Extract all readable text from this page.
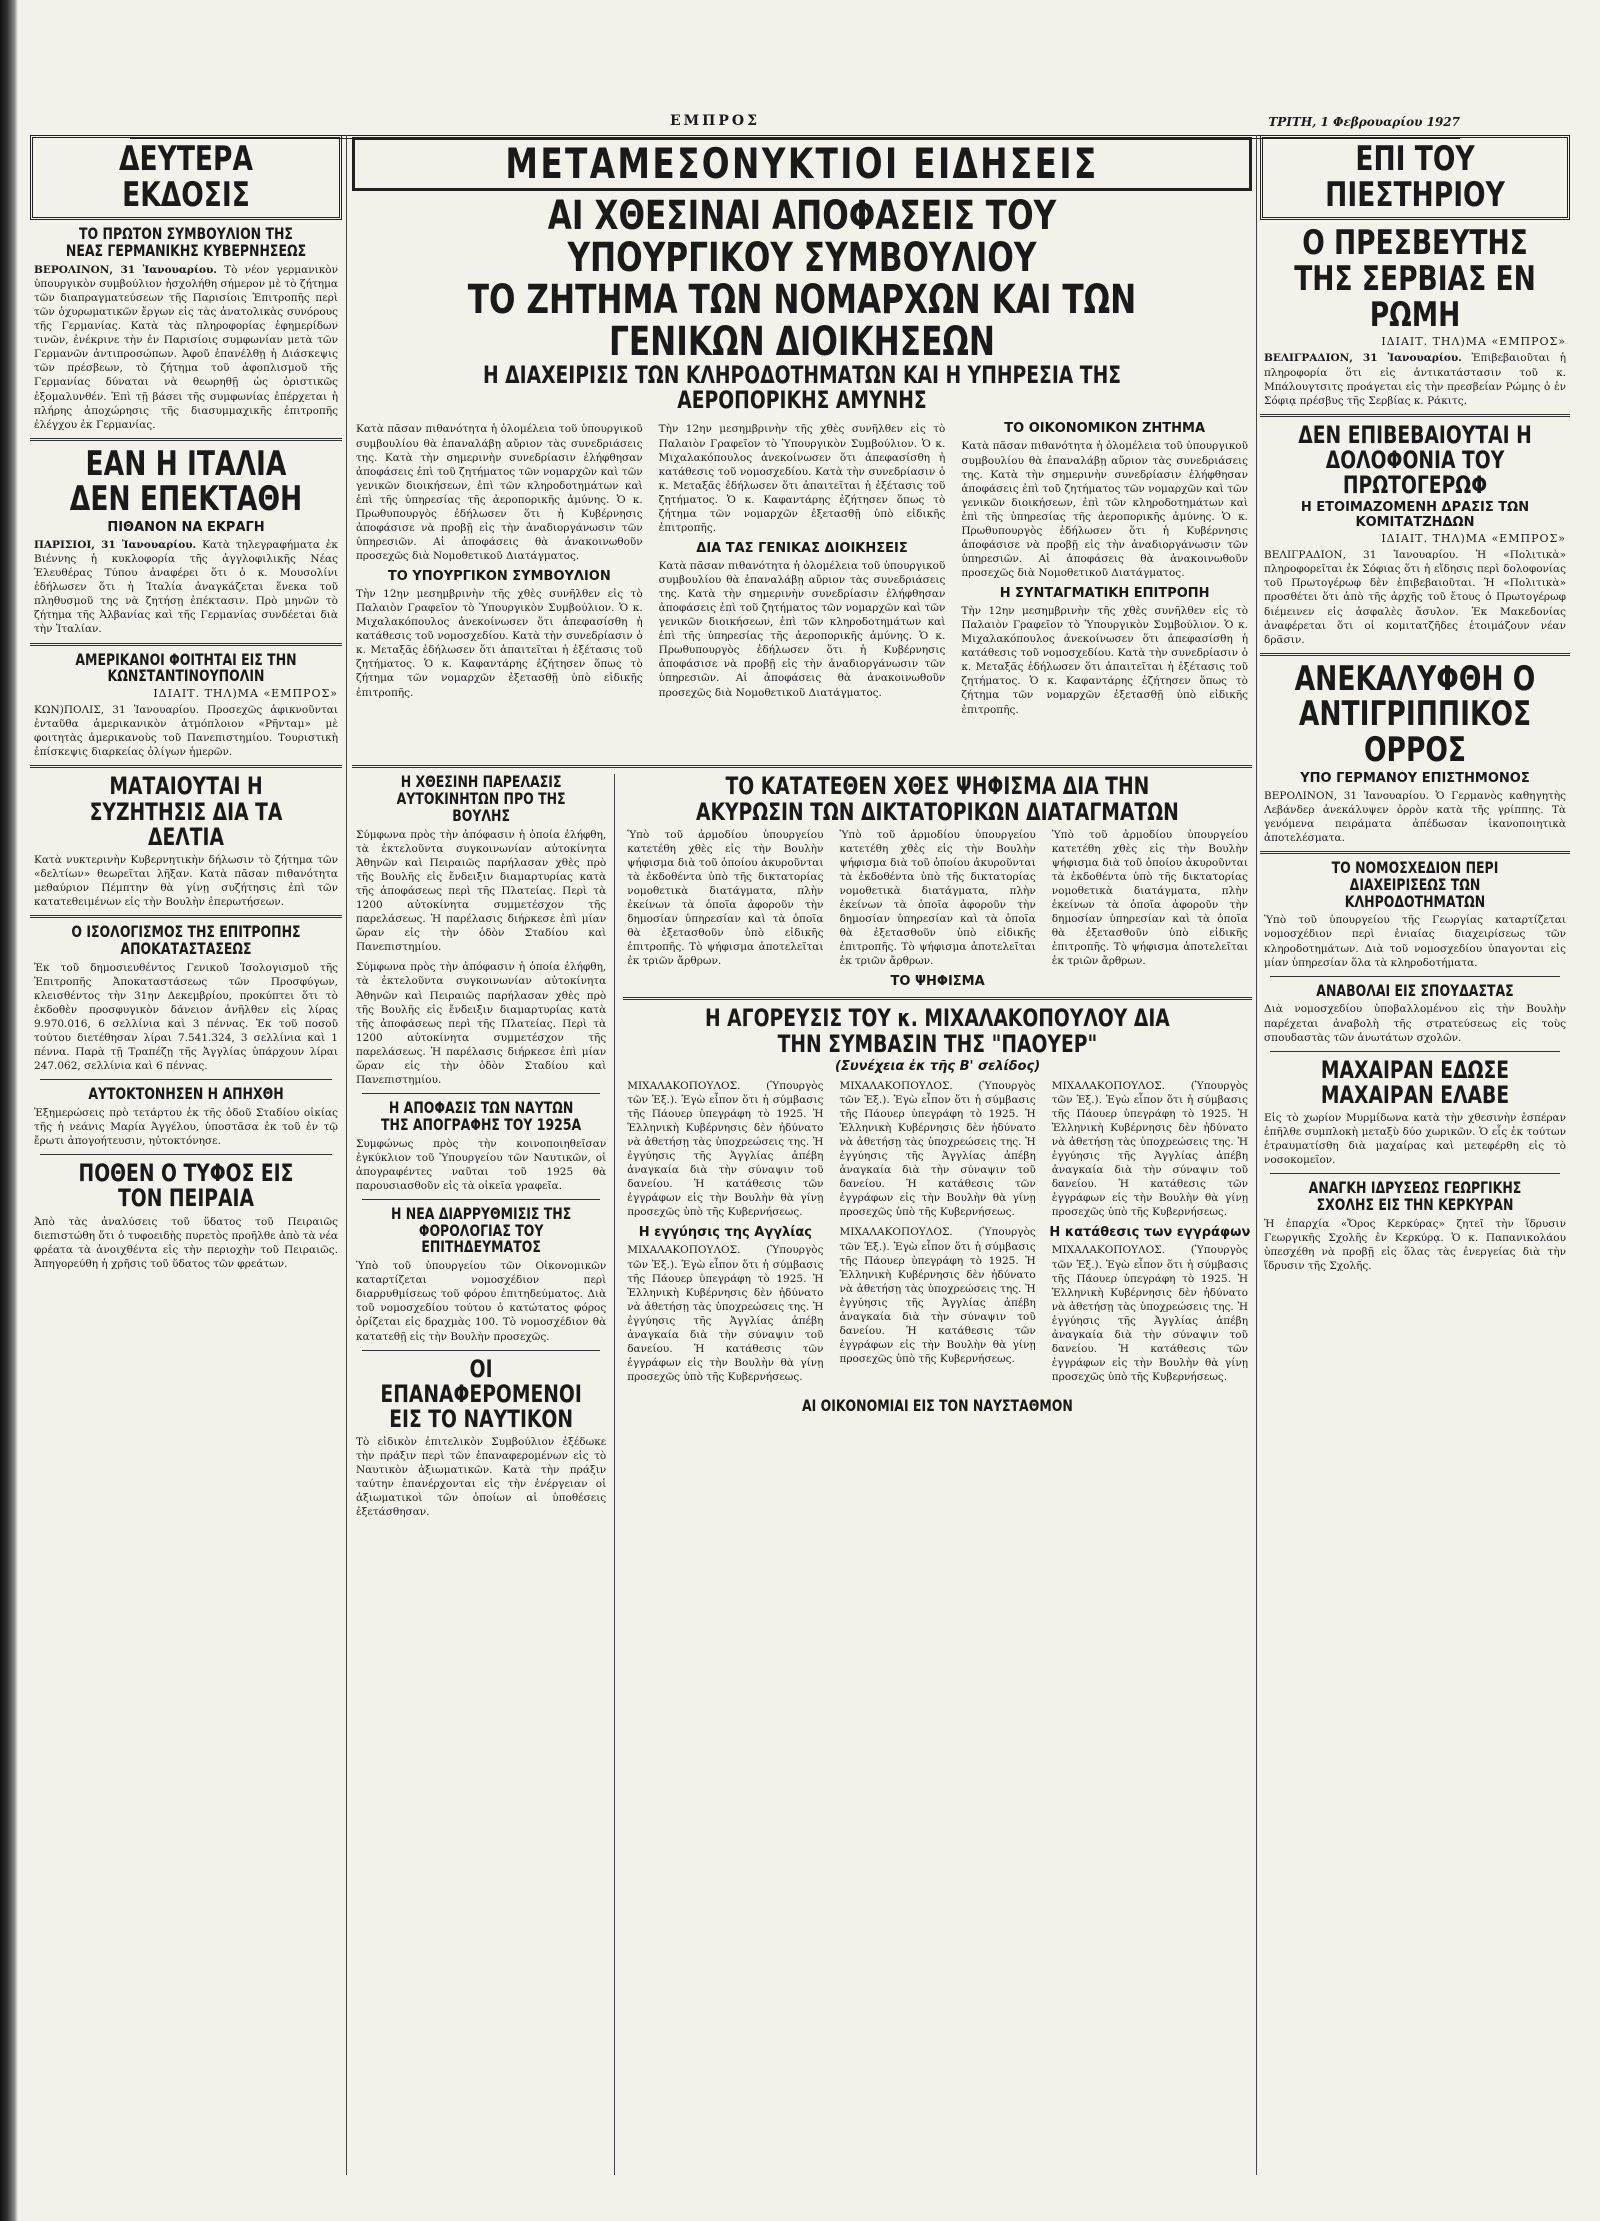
ΕΜΠΡΟΣ	ΤΡΙΤΗ, 1 Φεβρουαρίου 1927

ΔΕΥΤΕΡΑ ΕΚΔΟΣΙΣ

ΤΟ ΠΡΩΤΟΝ ΣΥΜΒΟΥΛΙΟΝ ΤΗΣ ΝΕΑΣ ΓΕΡΜΑΝΙΚΗΣ ΚΥΒΕΡΝΗΣΕΩΣ

ΒΕΡΟΛΙΝΟΝ, 31 Ἰανουαρίου. Τὸ νέον γερμανικὸν ὑπουργικὸν συμβούλιον ἠσχολήθη σήμερον μὲ τὸ ζήτημα τῶν διαπραγματεύσεων τῆς Παρισίοις Ἐπιτροπῆς περὶ τῶν ὀχυρωματικῶν ἔργων εἰς τὰς ἀνατολικὰς συνόρους τῆς Γερμανίας. Κατὰ τὰς πληροφορίας ἐφημερίδων τινῶν, ἐνέκρινε τὴν ἐν Παρισίοις συμφωνίαν μετὰ τῶν Γερμανῶν ἀντιπροσώπων. Ἀφοῦ ἐπανέλθῃ ἡ Διάσκεψις τῶν πρέσβεων, τὸ ζήτημα τοῦ ἀφοπλισμοῦ τῆς Γερμανίας δύναται νὰ θεωρηθῇ ὡς ὁριστικῶς ἐξομαλυνθέν. Ἐπὶ τῇ βάσει τῆς συμφωνίας ἐπέρχεται ἡ πλήρης ἀποχώρησις τῆς διασυμμαχικῆς ἐπιτροπῆς ἐλέγχου ἐκ Γερμανίας.

ΕΑΝ Η ΙΤΑΛΙΑ ΔΕΝ ΕΠΕΚΤΑΘΗ

ΠΙΘΑΝΟΝ ΝΑ ΕΚΡΑΓΗ

ΠΑΡΙΣΙΟΙ, 31 Ἰανουαρίου. Κατὰ τηλεγραφήματα ἐκ Βιέννης ἡ κυκλοφορία τῆς ἀγγλοφιλικῆς Νέας Ἐλευθέρας Τύπου ἀναφέρει ὅτι ὁ κ. Μουσολίνι ἐδήλωσεν ὅτι ἡ Ἰταλία ἀναγκάζεται ἕνεκα τοῦ πληθυσμοῦ της νὰ ζητήσῃ ἐπέκτασιν. Πρὸ μηνῶν τὸ ζήτημα τῆς Ἀλβανίας καὶ τῆς Γερμανίας συνδέεται διὰ τὴν Ἰταλίαν.

ΑΜΕΡΙΚΑΝΟΙ ΦΟΙΤΗΤΑΙ ΕΙΣ ΤΗΝ ΚΩΝΣΤΑΝΤΙΝΟΥΠΟΛΙΝ

ΙΔΙΑΙΤ. ΤΗΛ)ΜΑ «ΕΜΠΡΟΣ»

ΚΩΝ)ΠΟΛΙΣ, 31 Ἰανουαρίου. Προσεχῶς ἀφικνοῦνται ἐνταῦθα ἀμερικανικὸν ἀτμόπλοιον «Ρῆνταμ» μὲ φοιτητὰς ἀμερικανοὺς τοῦ Πανεπιστημίου. Τουριστικὴ ἐπίσκεψις διαρκείας ὀλίγων ἡμερῶν.

ΜΑΤΑΙΟΥΤΑΙ Η ΣΥΖΗΤΗΣΙΣ ΔΙΑ ΤΑ ΔΕΛΤΙΑ

Κατὰ νυκτερινὴν Κυβερνητικὴν δήλωσιν τὸ ζήτημα τῶν «δελτίων» θεωρεῖται λῆξαν. Κατὰ πᾶσαν πιθανότητα μεθαύριον Πέμπτην θὰ γίνῃ συζήτησις ἐπὶ τῶν κατατεθειμένων εἰς τὴν Βουλὴν ἐπερωτήσεων.

Ο ΙΣΟΛΟΓΙΣΜΟΣ ΤΗΣ ΕΠΙΤΡΟΠΗΣ ΑΠΟΚΑΤΑΣΤΑΣΕΩΣ

Ἐκ τοῦ δημοσιευθέντος Γενικοῦ Ἰσολογισμοῦ τῆς Ἐπιτροπῆς Ἀποκαταστάσεως τῶν Προσφύγων, κλεισθέντος τὴν 31ην Δεκεμβρίου, προκύπτει ὅτι τὸ ἐκδοθὲν προσφυγικὸν δάνειον ἀνῆλθεν εἰς λίρας 9.970.016, 6 σελλίνια καὶ 3 πέννας. Ἐκ τοῦ ποσοῦ τούτου διετέθησαν λίραι 7.541.324, 3 σελλίνια καὶ 1 πέννα. Παρὰ τῇ Τραπέζῃ τῆς Ἀγγλίας ὑπάρχουν λίραι 247.062, σελλίνια καὶ 6 πέννας.

ΑΥΤΟΚΤΟΝΗΣΕΝ Η ΑΠΗΧΘΗ

Ἐξημερώσεις πρὸ τετάρτου ἐκ τῆς ὁδοῦ Σταδίου οἰκίας τῆς ἡ νεάνις Μαρία Ἀγγέλου, ὑποστᾶσα ἐκ τοῦ ἐν τῷ ἔρωτι ἀπογοήτευσιν, ηὐτοκτόνησε.

ΠΟΘΕΝ Ο ΤΥΦΟΣ ΕΙΣ ΤΟΝ ΠΕΙΡΑΙΑ

Ἀπὸ τὰς ἀναλύσεις τοῦ ὕδατος τοῦ Πειραιῶς διεπιστώθη ὅτι ὁ τυφοειδὴς πυρετὸς προῆλθε ἀπὸ τὰ νέα φρέατα τὰ ἀνοιχθέντα εἰς τὴν περιοχὴν τοῦ Πειραιῶς. Ἀπηγορεύθη ἡ χρῆσις τοῦ ὕδατος τῶν φρεάτων.

ΜΕΤΑΜΕΣΟΝΥΚΤΙΟΙ ΕΙΔΗΣΕΙΣ

ΑΙ ΧΘΕΣΙΝΑΙ ΑΠΟΦΑΣΕΙΣ ΤΟΥ ΥΠΟΥΡΓΙΚΟΥ ΣΥΜΒΟΥΛΙΟΥ

ΤΟ ΖΗΤΗΜΑ ΤΩΝ ΝΟΜΑΡΧΩΝ ΚΑΙ ΤΩΝ ΓΕΝΙΚΩΝ ΔΙΟΙΚΗΣΕΩΝ

Η ΔΙΑΧΕΙΡΙΣΙΣ ΤΩΝ ΚΛΗΡΟΔΟΤΗΜΑΤΩΝ ΚΑΙ Η ΥΠΗΡΕΣΙΑ ΤΗΣ ΑΕΡΟΠΟΡΙΚΗΣ ΑΜΥΝΗΣ

Κατὰ πᾶσαν πιθανότητα ἡ ὁλομέλεια τοῦ ὑπουργικοῦ συμβουλίου θὰ ἐπαναλάβῃ αὔριον τὰς συνεδριάσεις της. Κατὰ τὴν σημερινὴν συνεδρίασιν ἐλήφθησαν ἀποφάσεις ἐπὶ τοῦ ζητήματος τῶν νομαρχῶν καὶ τῶν γενικῶν διοικήσεων, ἐπὶ τῶν κληροδοτημάτων καὶ ἐπὶ τῆς ὑπηρεσίας τῆς ἀεροπορικῆς ἀμύνης. Ὁ κ. Πρωθυπουργὸς ἐδήλωσεν ὅτι ἡ Κυβέρνησις ἀποφάσισε νὰ προβῇ εἰς τὴν ἀναδιοργάνωσιν τῶν ὑπηρεσιῶν. Αἱ ἀποφάσεις θὰ ἀνακοινωθοῦν προσεχῶς διὰ Νομοθετικοῦ Διατάγματος.

ΤΟ ΥΠΟΥΡΓΙΚΟΝ ΣΥΜΒΟΥΛΙΟΝ

Τὴν 12ην μεσημβρινὴν τῆς χθὲς συνῆλθεν εἰς τὸ Παλαιὸν Γραφεῖον τὸ Ὑπουργικὸν Συμβούλιον. Ὁ κ. Μιχαλακόπουλος ἀνεκοίνωσεν ὅτι ἀπεφασίσθη ἡ κατάθεσις τοῦ νομοσχεδίου. Κατὰ τὴν συνεδρίασιν ὁ κ. Μεταξᾶς ἐδήλωσεν ὅτι ἀπαιτεῖται ἡ ἐξέτασις τοῦ ζητήματος. Ὁ κ. Καφαντάρης ἐζήτησεν ὅπως τὸ ζήτημα τῶν νομαρχῶν ἐξετασθῇ ὑπὸ εἰδικῆς ἐπιτροπῆς.

Τὴν 12ην μεσημβρινὴν τῆς χθὲς συνῆλθεν εἰς τὸ Παλαιὸν Γραφεῖον τὸ Ὑπουργικὸν Συμβούλιον. Ὁ κ. Μιχαλακόπουλος ἀνεκοίνωσεν ὅτι ἀπεφασίσθη ἡ κατάθεσις τοῦ νομοσχεδίου. Κατὰ τὴν συνεδρίασιν ὁ κ. Μεταξᾶς ἐδήλωσεν ὅτι ἀπαιτεῖται ἡ ἐξέτασις τοῦ ζητήματος. Ὁ κ. Καφαντάρης ἐζήτησεν ὅπως τὸ ζήτημα τῶν νομαρχῶν ἐξετασθῇ ὑπὸ εἰδικῆς ἐπιτροπῆς.

ΔΙΑ ΤΑΣ ΓΕΝΙΚΑΣ ΔΙΟΙΚΗΣΕΙΣ

Κατὰ πᾶσαν πιθανότητα ἡ ὁλομέλεια τοῦ ὑπουργικοῦ συμβουλίου θὰ ἐπαναλάβῃ αὔριον τὰς συνεδριάσεις της. Κατὰ τὴν σημερινὴν συνεδρίασιν ἐλήφθησαν ἀποφάσεις ἐπὶ τοῦ ζητήματος τῶν νομαρχῶν καὶ τῶν γενικῶν διοικήσεων, ἐπὶ τῶν κληροδοτημάτων καὶ ἐπὶ τῆς ὑπηρεσίας τῆς ἀεροπορικῆς ἀμύνης. Ὁ κ. Πρωθυπουργὸς ἐδήλωσεν ὅτι ἡ Κυβέρνησις ἀποφάσισε νὰ προβῇ εἰς τὴν ἀναδιοργάνωσιν τῶν ὑπηρεσιῶν. Αἱ ἀποφάσεις θὰ ἀνακοινωθοῦν προσεχῶς διὰ Νομοθετικοῦ Διατάγματος.

ΤΟ ΟΙΚΟΝΟΜΙΚΟΝ ΖΗΤΗΜΑ

Κατὰ πᾶσαν πιθανότητα ἡ ὁλομέλεια τοῦ ὑπουργικοῦ συμβουλίου θὰ ἐπαναλάβῃ αὔριον τὰς συνεδριάσεις της. Κατὰ τὴν σημερινὴν συνεδρίασιν ἐλήφθησαν ἀποφάσεις ἐπὶ τοῦ ζητήματος τῶν νομαρχῶν καὶ τῶν γενικῶν διοικήσεων, ἐπὶ τῶν κληροδοτημάτων καὶ ἐπὶ τῆς ὑπηρεσίας τῆς ἀεροπορικῆς ἀμύνης. Ὁ κ. Πρωθυπουργὸς ἐδήλωσεν ὅτι ἡ Κυβέρνησις ἀποφάσισε νὰ προβῇ εἰς τὴν ἀναδιοργάνωσιν τῶν ὑπηρεσιῶν. Αἱ ἀποφάσεις θὰ ἀνακοινωθοῦν προσεχῶς διὰ Νομοθετικοῦ Διατάγματος.

Η ΣΥΝΤΑΓΜΑΤΙΚΗ ΕΠΙΤΡΟΠΗ

Τὴν 12ην μεσημβρινὴν τῆς χθὲς συνῆλθεν εἰς τὸ Παλαιὸν Γραφεῖον τὸ Ὑπουργικὸν Συμβούλιον. Ὁ κ. Μιχαλακόπουλος ἀνεκοίνωσεν ὅτι ἀπεφασίσθη ἡ κατάθεσις τοῦ νομοσχεδίου. Κατὰ τὴν συνεδρίασιν ὁ κ. Μεταξᾶς ἐδήλωσεν ὅτι ἀπαιτεῖται ἡ ἐξέτασις τοῦ ζητήματος. Ὁ κ. Καφαντάρης ἐζήτησεν ὅπως τὸ ζήτημα τῶν νομαρχῶν ἐξετασθῇ ὑπὸ εἰδικῆς ἐπιτροπῆς.

Η ΧΘΕΣΙΝΗ ΠΑΡΕΛΑΣΙΣ ΑΥΤΟΚΙΝΗΤΩΝ ΠΡΟ ΤΗΣ ΒΟΥΛΗΣ

Σύμφωνα πρὸς τὴν ἀπόφασιν ἡ ὁποία ἐλήφθη, τὰ ἐκτελοῦντα συγκοινωνίαν αὐτοκίνητα Ἀθηνῶν καὶ Πειραιῶς παρήλασαν χθὲς πρὸ τῆς Βουλῆς εἰς ἔνδειξιν διαμαρτυρίας κατὰ τῆς ἀποφάσεως περὶ τῆς Πλατείας. Περὶ τὰ 1200 αὐτοκίνητα συμμετέσχον τῆς παρελάσεως. Ἡ παρέλασις διήρκεσε ἐπὶ μίαν ὥραν εἰς τὴν ὁδὸν Σταδίου καὶ Πανεπιστημίου.

Σύμφωνα πρὸς τὴν ἀπόφασιν ἡ ὁποία ἐλήφθη, τὰ ἐκτελοῦντα συγκοινωνίαν αὐτοκίνητα Ἀθηνῶν καὶ Πειραιῶς παρήλασαν χθὲς πρὸ τῆς Βουλῆς εἰς ἔνδειξιν διαμαρτυρίας κατὰ τῆς ἀποφάσεως περὶ τῆς Πλατείας. Περὶ τὰ 1200 αὐτοκίνητα συμμετέσχον τῆς παρελάσεως. Ἡ παρέλασις διήρκεσε ἐπὶ μίαν ὥραν εἰς τὴν ὁδὸν Σταδίου καὶ Πανεπιστημίου.

Η ΑΠΟΦΑΣΙΣ ΤΩΝ ΝΑΥΤΩΝ ΤΗΣ ΑΠΟΓΡΑΦΗΣ ΤΟΥ 1925Α

Συμφώνως πρὸς τὴν κοινοποιηθεῖσαν ἐγκύκλιον τοῦ Ὑπουργείου τῶν Ναυτικῶν, οἱ ἀπογραφέντες ναῦται τοῦ 1925 θὰ παρουσιασθοῦν εἰς τὰ οἰκεῖα γραφεῖα.

Η ΝΕΑ ΔΙΑΡΡΥΘΜΙΣΙΣ ΤΗΣ ΦΟΡΟΛΟΓΙΑΣ ΤΟΥ ΕΠΙΤΗΔΕΥΜΑΤΟΣ

Ὑπὸ τοῦ ὑπουργείου τῶν Οἰκονομικῶν καταρτίζεται νομοσχέδιον περὶ διαρρυθμίσεως τοῦ φόρου ἐπιτηδεύματος. Διὰ τοῦ νομοσχεδίου τούτου ὁ κατώτατος φόρος ὁρίζεται εἰς δραχμὰς 100. Τὸ νομοσχέδιον θὰ κατατεθῇ εἰς τὴν Βουλὴν προσεχῶς.

ΟΙ ΕΠΑΝΑΦΕΡΟΜΕΝΟΙ ΕΙΣ ΤΟ ΝΑΥΤΙΚΟΝ

Τὸ εἰδικὸν ἐπιτελικὸν Συμβούλιον ἐξέδωκε τὴν πράξιν περὶ τῶν ἐπαναφερομένων εἰς τὸ Ναυτικὸν ἀξιωματικῶν. Κατὰ τὴν πράξιν ταύτην ἐπανέρχονται εἰς τὴν ἐνέργειαν οἱ ἀξιωματικοὶ τῶν ὁποίων αἱ ὑποθέσεις ἐξετάσθησαν.

ΤΟ ΚΑΤΑΤΕΘΕΝ ΧΘΕΣ ΨΗΦΙΣΜΑ ΔΙΑ ΤΗΝ ΑΚΥΡΩΣΙΝ ΤΩΝ ΔΙΚΤΑΤΟΡΙΚΩΝ ΔΙΑΤΑΓΜΑΤΩΝ

Ὑπὸ τοῦ ἁρμοδίου ὑπουργείου κατετέθη χθὲς εἰς τὴν Βουλὴν ψήφισμα διὰ τοῦ ὁποίου ἀκυροῦνται τὰ ἐκδοθέντα ὑπὸ τῆς δικτατορίας νομοθετικὰ διατάγματα, πλὴν ἐκείνων τὰ ὁποῖα ἀφοροῦν τὴν δημοσίαν ὑπηρεσίαν καὶ τὰ ὁποῖα θὰ ἐξετασθοῦν ὑπὸ εἰδικῆς ἐπιτροπῆς. Τὸ ψήφισμα ἀποτελεῖται ἐκ τριῶν ἄρθρων.

Ὑπὸ τοῦ ἁρμοδίου ὑπουργείου κατετέθη χθὲς εἰς τὴν Βουλὴν ψήφισμα διὰ τοῦ ὁποίου ἀκυροῦνται τὰ ἐκδοθέντα ὑπὸ τῆς δικτατορίας νομοθετικὰ διατάγματα, πλὴν ἐκείνων τὰ ὁποῖα ἀφοροῦν τὴν δημοσίαν ὑπηρεσίαν καὶ τὰ ὁποῖα θὰ ἐξετασθοῦν ὑπὸ εἰδικῆς ἐπιτροπῆς. Τὸ ψήφισμα ἀποτελεῖται ἐκ τριῶν ἄρθρων.

ΤΟ ΨΗΦΙΣΜΑ

Ὑπὸ τοῦ ἁρμοδίου ὑπουργείου κατετέθη χθὲς εἰς τὴν Βουλὴν ψήφισμα διὰ τοῦ ὁποίου ἀκυροῦνται τὰ ἐκδοθέντα ὑπὸ τῆς δικτατορίας νομοθετικὰ διατάγματα, πλὴν ἐκείνων τὰ ὁποῖα ἀφοροῦν τὴν δημοσίαν ὑπηρεσίαν καὶ τὰ ὁποῖα θὰ ἐξετασθοῦν ὑπὸ εἰδικῆς ἐπιτροπῆς. Τὸ ψήφισμα ἀποτελεῖται ἐκ τριῶν ἄρθρων.

Η ΑΓΟΡΕΥΣΙΣ ΤΟΥ κ. ΜΙΧΑΛΑΚΟΠΟΥΛΟΥ ΔΙΑ ΤΗΝ ΣΥΜΒΑΣΙΝ ΤΗΣ "ΠΑΟΥΕΡ"

(Συνέχεια ἐκ τῆς Β' σελίδος)

ΜΙΧΑΛΑΚΟΠΟΥΛΟΣ. (Ὑπουργὸς τῶν Ἐξ.). Ἐγὼ εἶπον ὅτι ἡ σύμβασις τῆς Πάουερ ὑπεγράφη τὸ 1925. Ἡ Ἑλληνικὴ Κυβέρνησις δὲν ἠδύνατο νὰ ἀθετήσῃ τὰς ὑποχρεώσεις της. Ἡ ἐγγύησις τῆς Ἀγγλίας ἀπέβη ἀναγκαία διὰ τὴν σύναψιν τοῦ δανείου. Ἡ κατάθεσις τῶν ἐγγράφων εἰς τὴν Βουλὴν θὰ γίνῃ προσεχῶς ὑπὸ τῆς Κυβερνήσεως.

Η εγγύησις της Αγγλίας

ΜΙΧΑΛΑΚΟΠΟΥΛΟΣ. (Ὑπουργὸς τῶν Ἐξ.). Ἐγὼ εἶπον ὅτι ἡ σύμβασις τῆς Πάουερ ὑπεγράφη τὸ 1925. Ἡ Ἑλληνικὴ Κυβέρνησις δὲν ἠδύνατο νὰ ἀθετήσῃ τὰς ὑποχρεώσεις της. Ἡ ἐγγύησις τῆς Ἀγγλίας ἀπέβη ἀναγκαία διὰ τὴν σύναψιν τοῦ δανείου. Ἡ κατάθεσις τῶν ἐγγράφων εἰς τὴν Βουλὴν θὰ γίνῃ προσεχῶς ὑπὸ τῆς Κυβερνήσεως.

ΜΙΧΑΛΑΚΟΠΟΥΛΟΣ. (Ὑπουργὸς τῶν Ἐξ.). Ἐγὼ εἶπον ὅτι ἡ σύμβασις τῆς Πάουερ ὑπεγράφη τὸ 1925. Ἡ Ἑλληνικὴ Κυβέρνησις δὲν ἠδύνατο νὰ ἀθετήσῃ τὰς ὑποχρεώσεις της. Ἡ ἐγγύησις τῆς Ἀγγλίας ἀπέβη ἀναγκαία διὰ τὴν σύναψιν τοῦ δανείου. Ἡ κατάθεσις τῶν ἐγγράφων εἰς τὴν Βουλὴν θὰ γίνῃ προσεχῶς ὑπὸ τῆς Κυβερνήσεως.

ΜΙΧΑΛΑΚΟΠΟΥΛΟΣ. (Ὑπουργὸς τῶν Ἐξ.). Ἐγὼ εἶπον ὅτι ἡ σύμβασις τῆς Πάουερ ὑπεγράφη τὸ 1925. Ἡ Ἑλληνικὴ Κυβέρνησις δὲν ἠδύνατο νὰ ἀθετήσῃ τὰς ὑποχρεώσεις της. Ἡ ἐγγύησις τῆς Ἀγγλίας ἀπέβη ἀναγκαία διὰ τὴν σύναψιν τοῦ δανείου. Ἡ κατάθεσις τῶν ἐγγράφων εἰς τὴν Βουλὴν θὰ γίνῃ προσεχῶς ὑπὸ τῆς Κυβερνήσεως.

ΜΙΧΑΛΑΚΟΠΟΥΛΟΣ. (Ὑπουργὸς τῶν Ἐξ.). Ἐγὼ εἶπον ὅτι ἡ σύμβασις τῆς Πάουερ ὑπεγράφη τὸ 1925. Ἡ Ἑλληνικὴ Κυβέρνησις δὲν ἠδύνατο νὰ ἀθετήσῃ τὰς ὑποχρεώσεις της. Ἡ ἐγγύησις τῆς Ἀγγλίας ἀπέβη ἀναγκαία διὰ τὴν σύναψιν τοῦ δανείου. Ἡ κατάθεσις τῶν ἐγγράφων εἰς τὴν Βουλὴν θὰ γίνῃ προσεχῶς ὑπὸ τῆς Κυβερνήσεως.

Η κατάθεσις των εγγράφων

ΜΙΧΑΛΑΚΟΠΟΥΛΟΣ. (Ὑπουργὸς τῶν Ἐξ.). Ἐγὼ εἶπον ὅτι ἡ σύμβασις τῆς Πάουερ ὑπεγράφη τὸ 1925. Ἡ Ἑλληνικὴ Κυβέρνησις δὲν ἠδύνατο νὰ ἀθετήσῃ τὰς ὑποχρεώσεις της. Ἡ ἐγγύησις τῆς Ἀγγλίας ἀπέβη ἀναγκαία διὰ τὴν σύναψιν τοῦ δανείου. Ἡ κατάθεσις τῶν ἐγγράφων εἰς τὴν Βουλὴν θὰ γίνῃ προσεχῶς ὑπὸ τῆς Κυβερνήσεως.

ΑΙ ΟΙΚΟΝΟΜΙΑΙ ΕΙΣ ΤΟΝ ΝΑΥΣΤΑΘΜΟΝ

ΕΠΙ ΤΟΥ ΠΙΕΣΤΗΡΙΟΥ

Ο ΠΡΕΣΒΕΥΤΗΣ ΤΗΣ ΣΕΡΒΙΑΣ ΕΝ ΡΩΜΗ

ΙΔΙΑΙΤ. ΤΗΛ)ΜΑ «ΕΜΠΡΟΣ»

ΒΕΛΙΓΡΑΔΙΟΝ, 31 Ἰανουαρίου. Ἐπιβεβαιοῦται ἡ πληροφορία ὅτι εἰς ἀντικατάστασιν τοῦ κ. Μπάλουγτσιτς προάγεται εἰς τὴν πρεσβείαν Ρώμης ὁ ἐν Σόφιᾳ πρέσβυς τῆς Σερβίας κ. Ράκιτς.

ΔΕΝ ΕΠΙΒΕΒΑΙΟΥΤΑΙ Η ΔΟΛΟΦΟΝΙΑ ΤΟΥ ΠΡΩΤΟΓΕΡΩΦ

Η ΕΤΟΙΜΑΖΟΜΕΝΗ ΔΡΑΣΙΣ ΤΩΝ ΚΟΜΙΤΑΤΖΗΔΩΝ

ΙΔΙΑΙΤ. ΤΗΛ)ΜΑ «ΕΜΠΡΟΣ»

ΒΕΛΙΓΡΑΔΙΟΝ, 31 Ἰανουαρίου. Ἡ «Πολιτικὰ» πληροφορεῖται ἐκ Σόφιας ὅτι ἡ εἴδησις περὶ δολοφονίας τοῦ Πρωτογέρωφ δὲν ἐπιβεβαιοῦται. Ἡ «Πολιτικὰ» προσθέτει ὅτι ἀπὸ τῆς ἀρχῆς τοῦ ἔτους ὁ Πρωτογέρωφ διέμεινεν εἰς ἀσφαλὲς ἄσυλον. Ἐκ Μακεδονίας ἀναφέρεται ὅτι οἱ κομιτατζῆδες ἑτοιμάζουν νέαν δρᾶσιν.

ΑΝΕΚΑΛΥΦΘΗ Ο ΑΝΤΙΓΡΙΠΠΙΚΟΣ ΟΡΡΟΣ

ΥΠΟ ΓΕΡΜΑΝΟΥ ΕΠΙΣΤΗΜΟΝΟΣ

ΒΕΡΟΛΙΝΟΝ, 31 Ἰανουαρίου. Ὁ Γερμανὸς καθηγητὴς Λεβάνδερ ἀνεκάλυψεν ὀρρὸν κατὰ τῆς γρίππης. Τὰ γενόμενα πειράματα ἀπέδωσαν ἱκανοποιητικὰ ἀποτελέσματα.

ΤΟ ΝΟΜΟΣΧΕΔΙΟΝ ΠΕΡΙ ΔΙΑΧΕΙΡΙΣΕΩΣ ΤΩΝ ΚΛΗΡΟΔΟΤΗΜΑΤΩΝ

Ὑπὸ τοῦ ὑπουργείου τῆς Γεωργίας καταρτίζεται νομοσχέδιον περὶ ἑνιαίας διαχειρίσεως τῶν κληροδοτημάτων. Διὰ τοῦ νομοσχεδίου ὑπαγονται εἰς μίαν ὑπηρεσίαν ὅλα τὰ κληροδοτήματα.

ΑΝΑΒΟΛΑΙ ΕΙΣ ΣΠΟΥΔΑΣΤΑΣ

Διὰ νομοσχεδίου ὑποβαλλομένου εἰς τὴν Βουλὴν παρέχεται ἀναβολὴ τῆς στρατεύσεως εἰς τοὺς σπουδαστὰς τῶν ἀνωτάτων σχολῶν.

ΜΑΧΑΙΡΑΝ ΕΔΩΣΕ ΜΑΧΑΙΡΑΝ ΕΛΑΒΕ

Εἰς τὸ χωρίον Μυρμίδωνα κατὰ τὴν χθεσινὴν ἑσπέραν ἐπῆλθε συμπλοκὴ μεταξὺ δύο χωρικῶν. Ὁ εἷς ἐκ τούτων ἐτραυματίσθη διὰ μαχαίρας καὶ μετεφέρθη εἰς τὸ νοσοκομεῖον.

ΑΝΑΓΚΗ ΙΔΡΥΣΕΩΣ ΓΕΩΡΓΙΚΗΣ ΣΧΟΛΗΣ ΕΙΣ ΤΗΝ ΚΕΡΚΥΡΑΝ

Ἡ ἐπαρχία «Ὄρος Κερκύρας» ζητεῖ τὴν ἵδρυσιν Γεωργικῆς Σχολῆς ἐν Κερκύρᾳ. Ὁ κ. Παπανικολάου ὑπεσχέθη νὰ προβῇ εἰς ὅλας τὰς ἐνεργείας διὰ τὴν ἵδρυσιν τῆς Σχολῆς.
